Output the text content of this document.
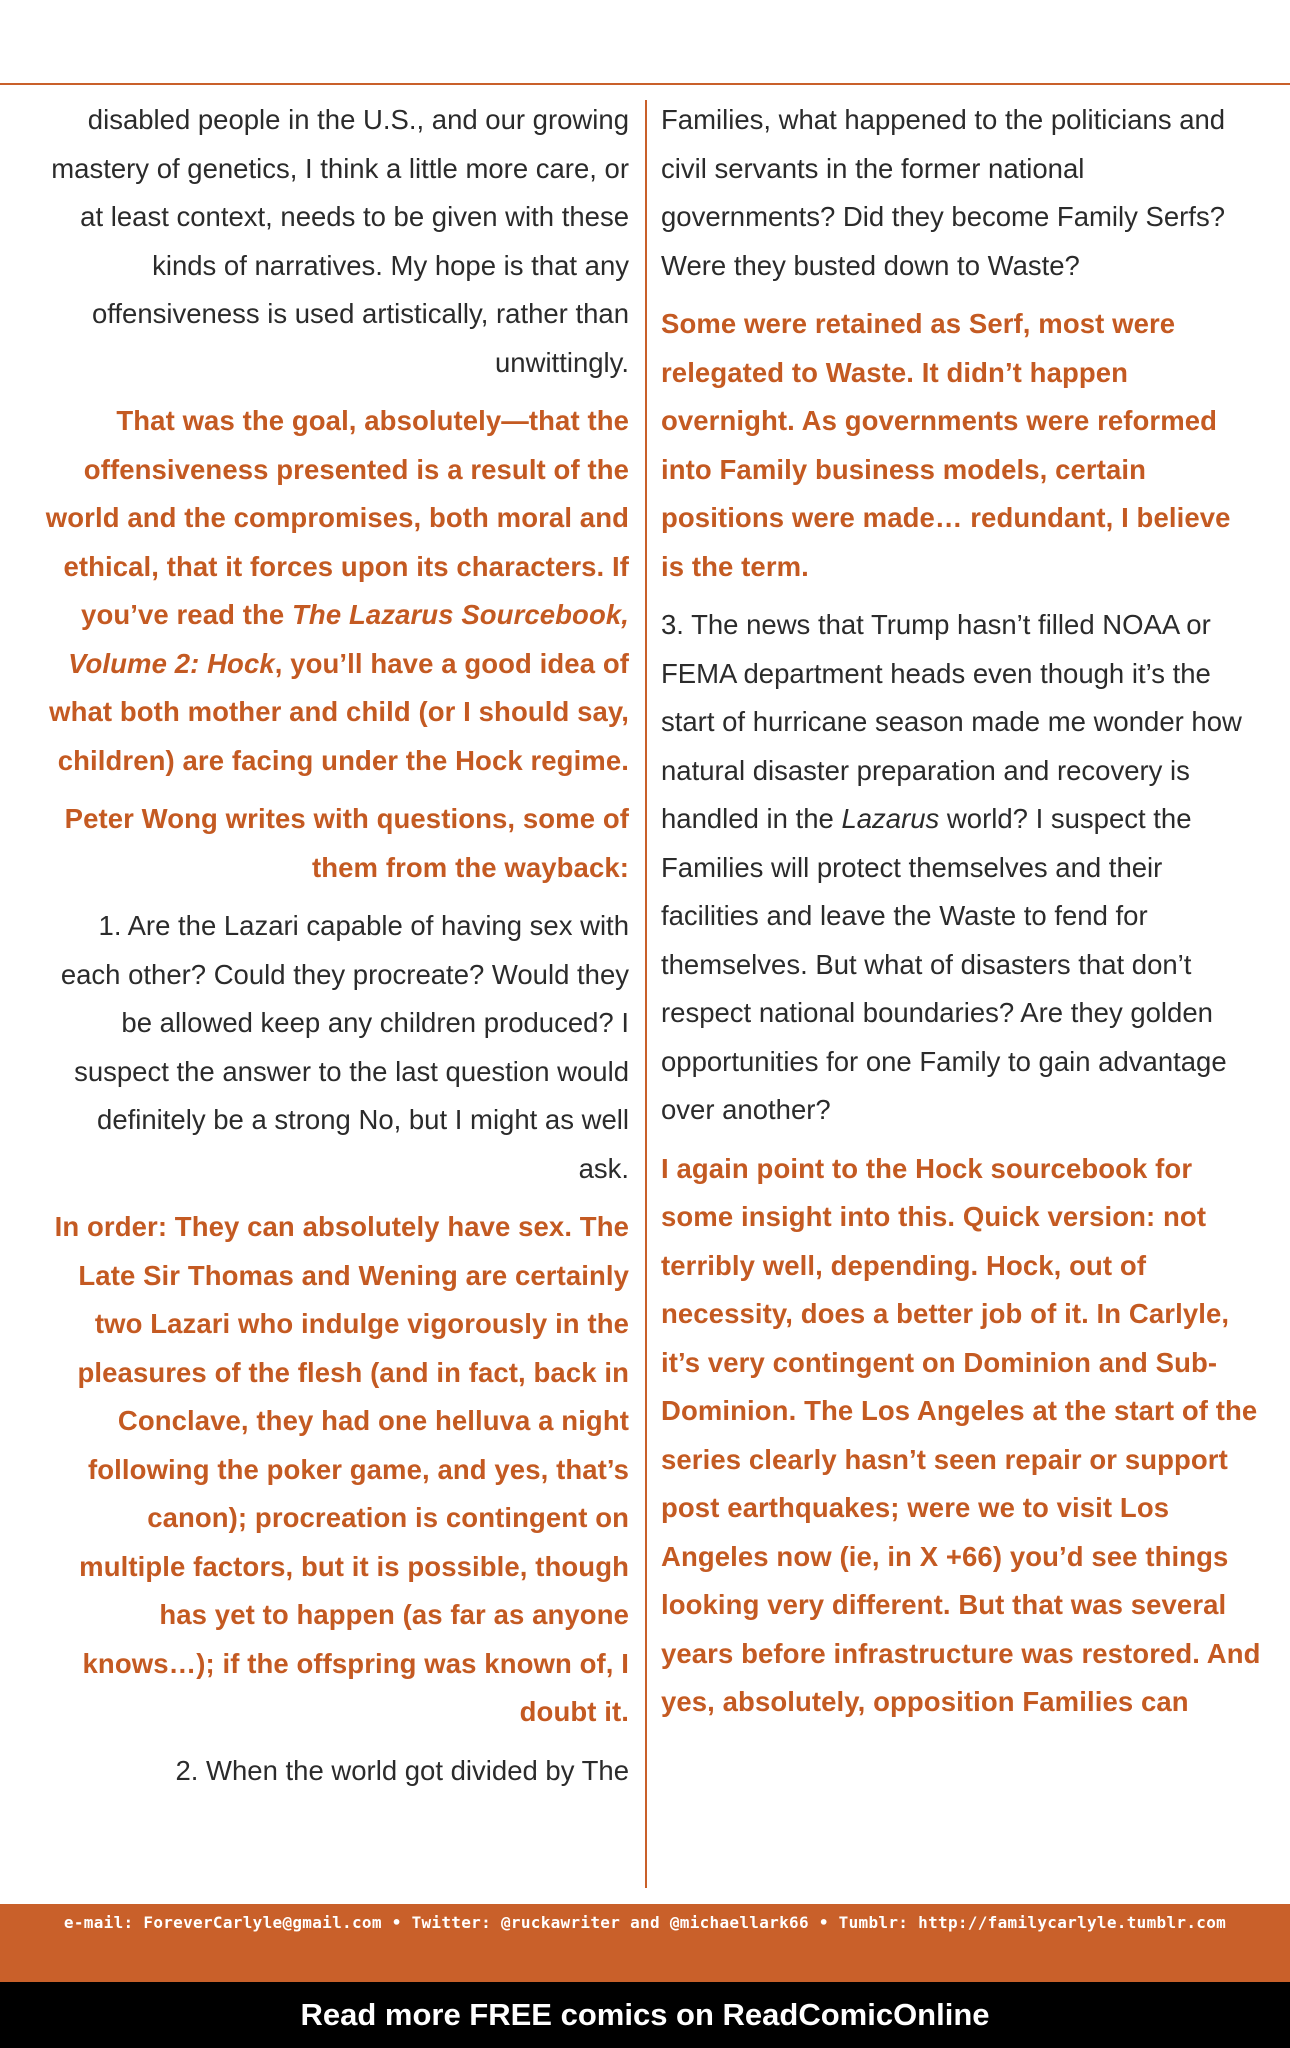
disabled people in the U.S., and our growing mastery of genetics, I think a little more care, or at least context, needs to be given with these kinds of narratives. My hope is that any offensiveness is used artistically, rather than unwittingly.

That was the goal, absolutely—that the offensiveness presented is a result of the world and the compromises, both moral and ethical, that it forces upon its characters. If you’ve read the The Lazarus Sourcebook, Volume 2: Hock, you’ll have a good idea of what both mother and child (or I should say, children) are facing under the Hock regime.

Peter Wong writes with questions, some of them from the wayback:

1. Are the Lazari capable of having sex with each other? Could they procreate? Would they be allowed keep any children produced? I suspect the answer to the last question would definitely be a strong No, but I might as well ask.

In order: They can absolutely have sex. The Late Sir Thomas and Wening are certainly two Lazari who indulge vigorously in the pleasures of the flesh (and in fact, back in Conclave, they had one helluva a night following the poker game, and yes, that’s canon); procreation is contingent on multiple factors, but it is possible, though has yet to happen (as far as anyone knows…); if the offspring was known of, I doubt it.

2. When the world got divided by The

Families, what happened to the politicians and civil servants in the former national governments? Did they become Family Serfs? Were they busted down to Waste?

Some were retained as Serf, most were relegated to Waste. It didn’t happen overnight. As governments were reformed into Family business models, certain positions were made… redundant, I believe is the term.

3. The news that Trump hasn’t filled NOAA or FEMA department heads even though it’s the start of hurricane season made me wonder how natural disaster preparation and recovery is handled in the Lazarus world? I suspect the Families will protect themselves and their facilities and leave the Waste to fend for themselves. But what of disasters that don’t respect national boundaries? Are they golden opportunities for one Family to gain advantage over another?

I again point to the Hock sourcebook for some insight into this. Quick version: not terribly well, depending. Hock, out of necessity, does a better job of it. In Carlyle, it’s very contingent on Dominion and Sub-Dominion. The Los Angeles at the start of the series clearly hasn’t seen repair or support post earthquakes; were we to visit Los Angeles now (ie, in X +66) you’d see things looking very different. But that was several years before infrastructure was restored. And yes, absolutely, opposition Families can

e-mail: ForeverCarlyle@gmail.com • Twitter: @ruckawriter and @michaellark66 • Tumblr: http://familycarlyle.tumblr.com
Read more FREE comics on ReadComicOnline
